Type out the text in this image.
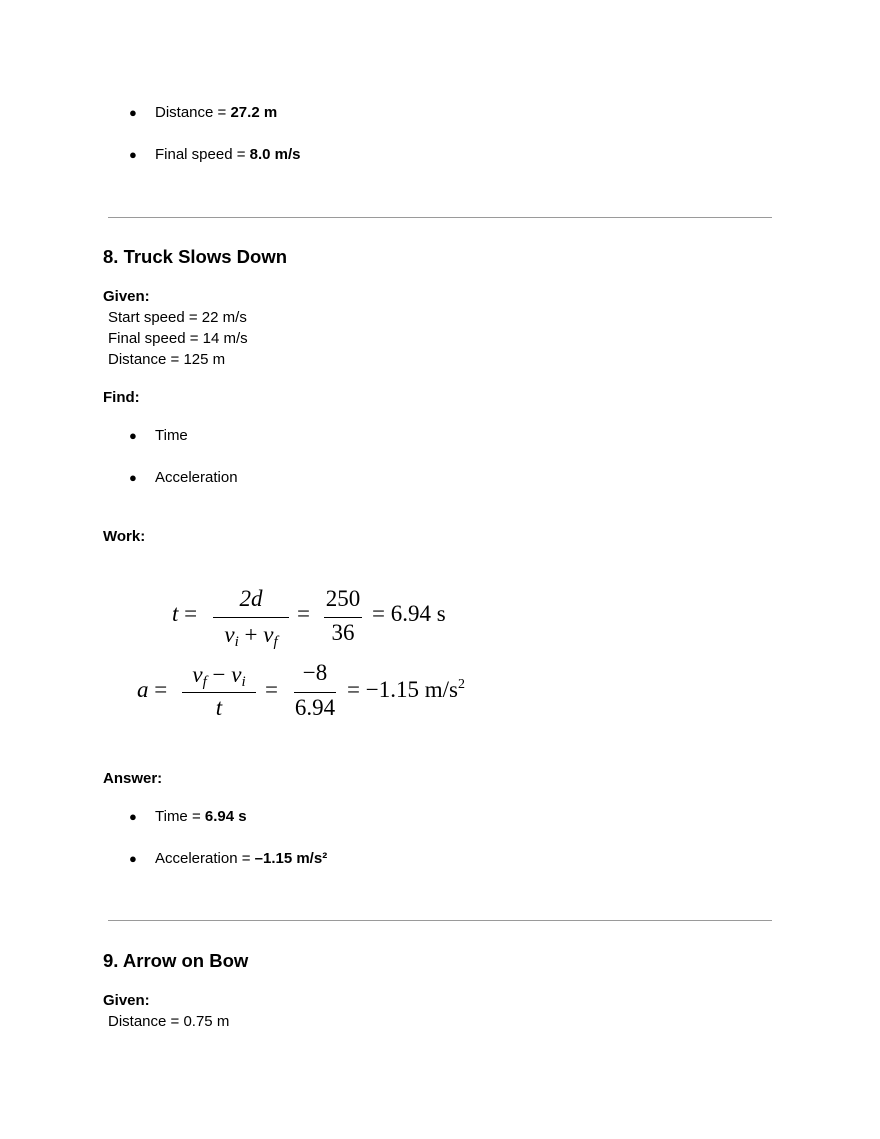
● Distance = 27.2 m
● Final speed = 8.0 m/s
8. Truck Slows Down
Given:
Start speed = 22 m/s
Final speed = 14 m/s
Distance = 125 m
Find:
● Time
● Acceleration
Work:
t =
2d
$v_i + v_f$
=
250
36
= 6.94 s
a =
$v_f - v_i$
t
=
−8
6.94
= −1.15 $m/s^2$
Answer:
● Time = 6.94 s
● Acceleration = –1.15 m/s²
9. Arrow on Bow
Given:
Distance = 0.75 m
